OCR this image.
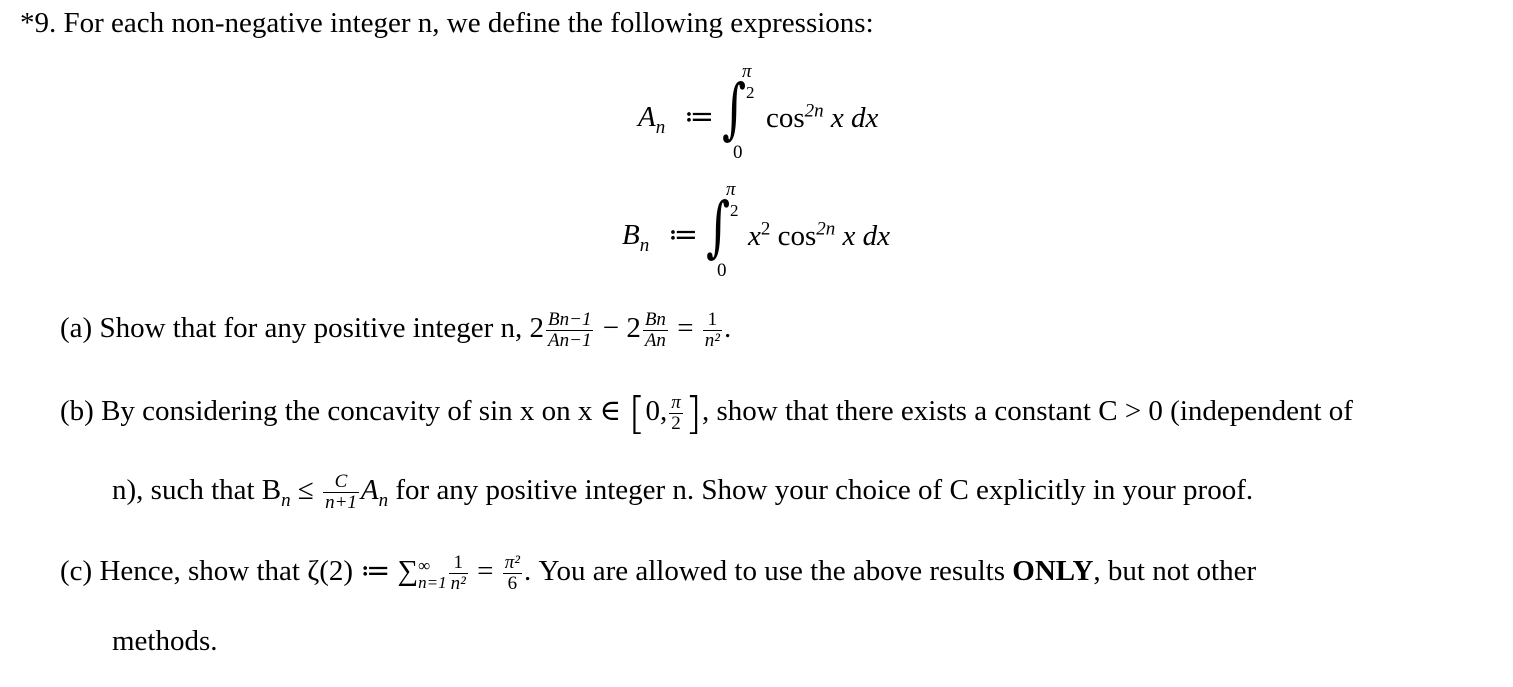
*9. For each non-negative integer n, we define the following expressions:
$A_n$ ≔ ∫
π
2
0
$\cos^{2n} x$ dx
$B_n$ ≔ ∫
π
2
0
$x^2$ $\cos^{2n} x$ dx
(a) Show that for any positive integer n, $2 \frac{Bn-1}{An-1} - 2 \frac{Bn}{An} = \frac{1}{\text{n²}}$ .
(b) By considering the concavity of sin x on x ∈ [0, $\frac{\pi}{2}$ ], show that there exists a constant C > 0 (independent of
n), such that $B_n \le \frac{C}{n+1} A_n$ for any positive integer n. Show your choice of C explicitly in your proof.
(c) Hence, show that ζ(2) ≔ ∑ ∞
$n=1 \frac{1}{\text{n²}} = \frac{\text{π²}}{6}$ . You are allowed to use the above results ONLY, but not other
methods.
